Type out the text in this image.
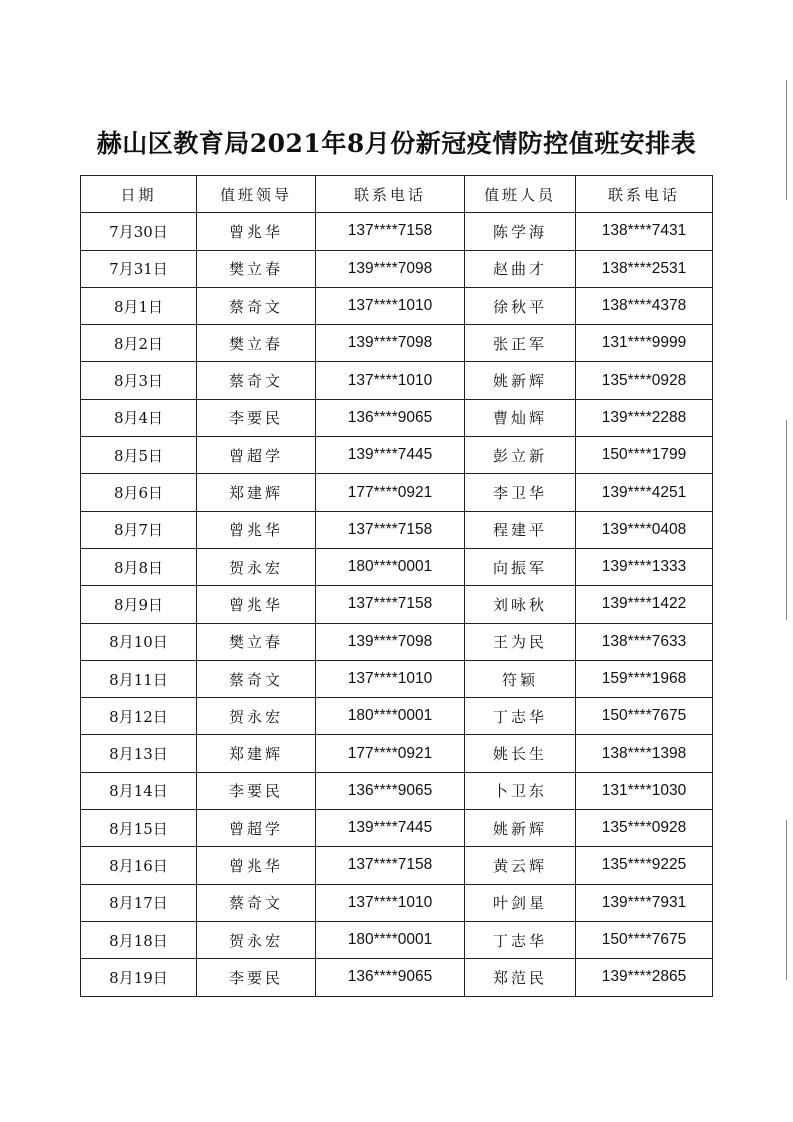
赫山区教育局2021年8月份新冠疫情防控值班安排表
日期	值班领导	联系电话	值班人员	联系电话
7月30日	曾兆华	137****7158	陈学海	138****7431
7月31日	樊立春	139****7098	赵曲才	138****2531
8月1日	蔡奇文	137****1010	徐秋平	138****4378
8月2日	樊立春	139****7098	张正军	131****9999
8月3日	蔡奇文	137****1010	姚新辉	135****0928
8月4日	李要民	136****9065	曹灿辉	139****2288
8月5日	曾超学	139****7445	彭立新	150****1799
8月6日	郑建辉	177****0921	李卫华	139****4251
8月7日	曾兆华	137****7158	程建平	139****0408
8月8日	贺永宏	180****0001	向振军	139****1333
8月9日	曾兆华	137****7158	刘咏秋	139****1422
8月10日	樊立春	139****7098	王为民	138****7633
8月11日	蔡奇文	137****1010	符颖	159****1968
8月12日	贺永宏	180****0001	丁志华	150****7675
8月13日	郑建辉	177****0921	姚长生	138****1398
8月14日	李要民	136****9065	卜卫东	131****1030
8月15日	曾超学	139****7445	姚新辉	135****0928
8月16日	曾兆华	137****7158	黄云辉	135****9225
8月17日	蔡奇文	137****1010	叶剑星	139****7931
8月18日	贺永宏	180****0001	丁志华	150****7675
8月19日	李要民	136****9065	郑范民	139****2865
